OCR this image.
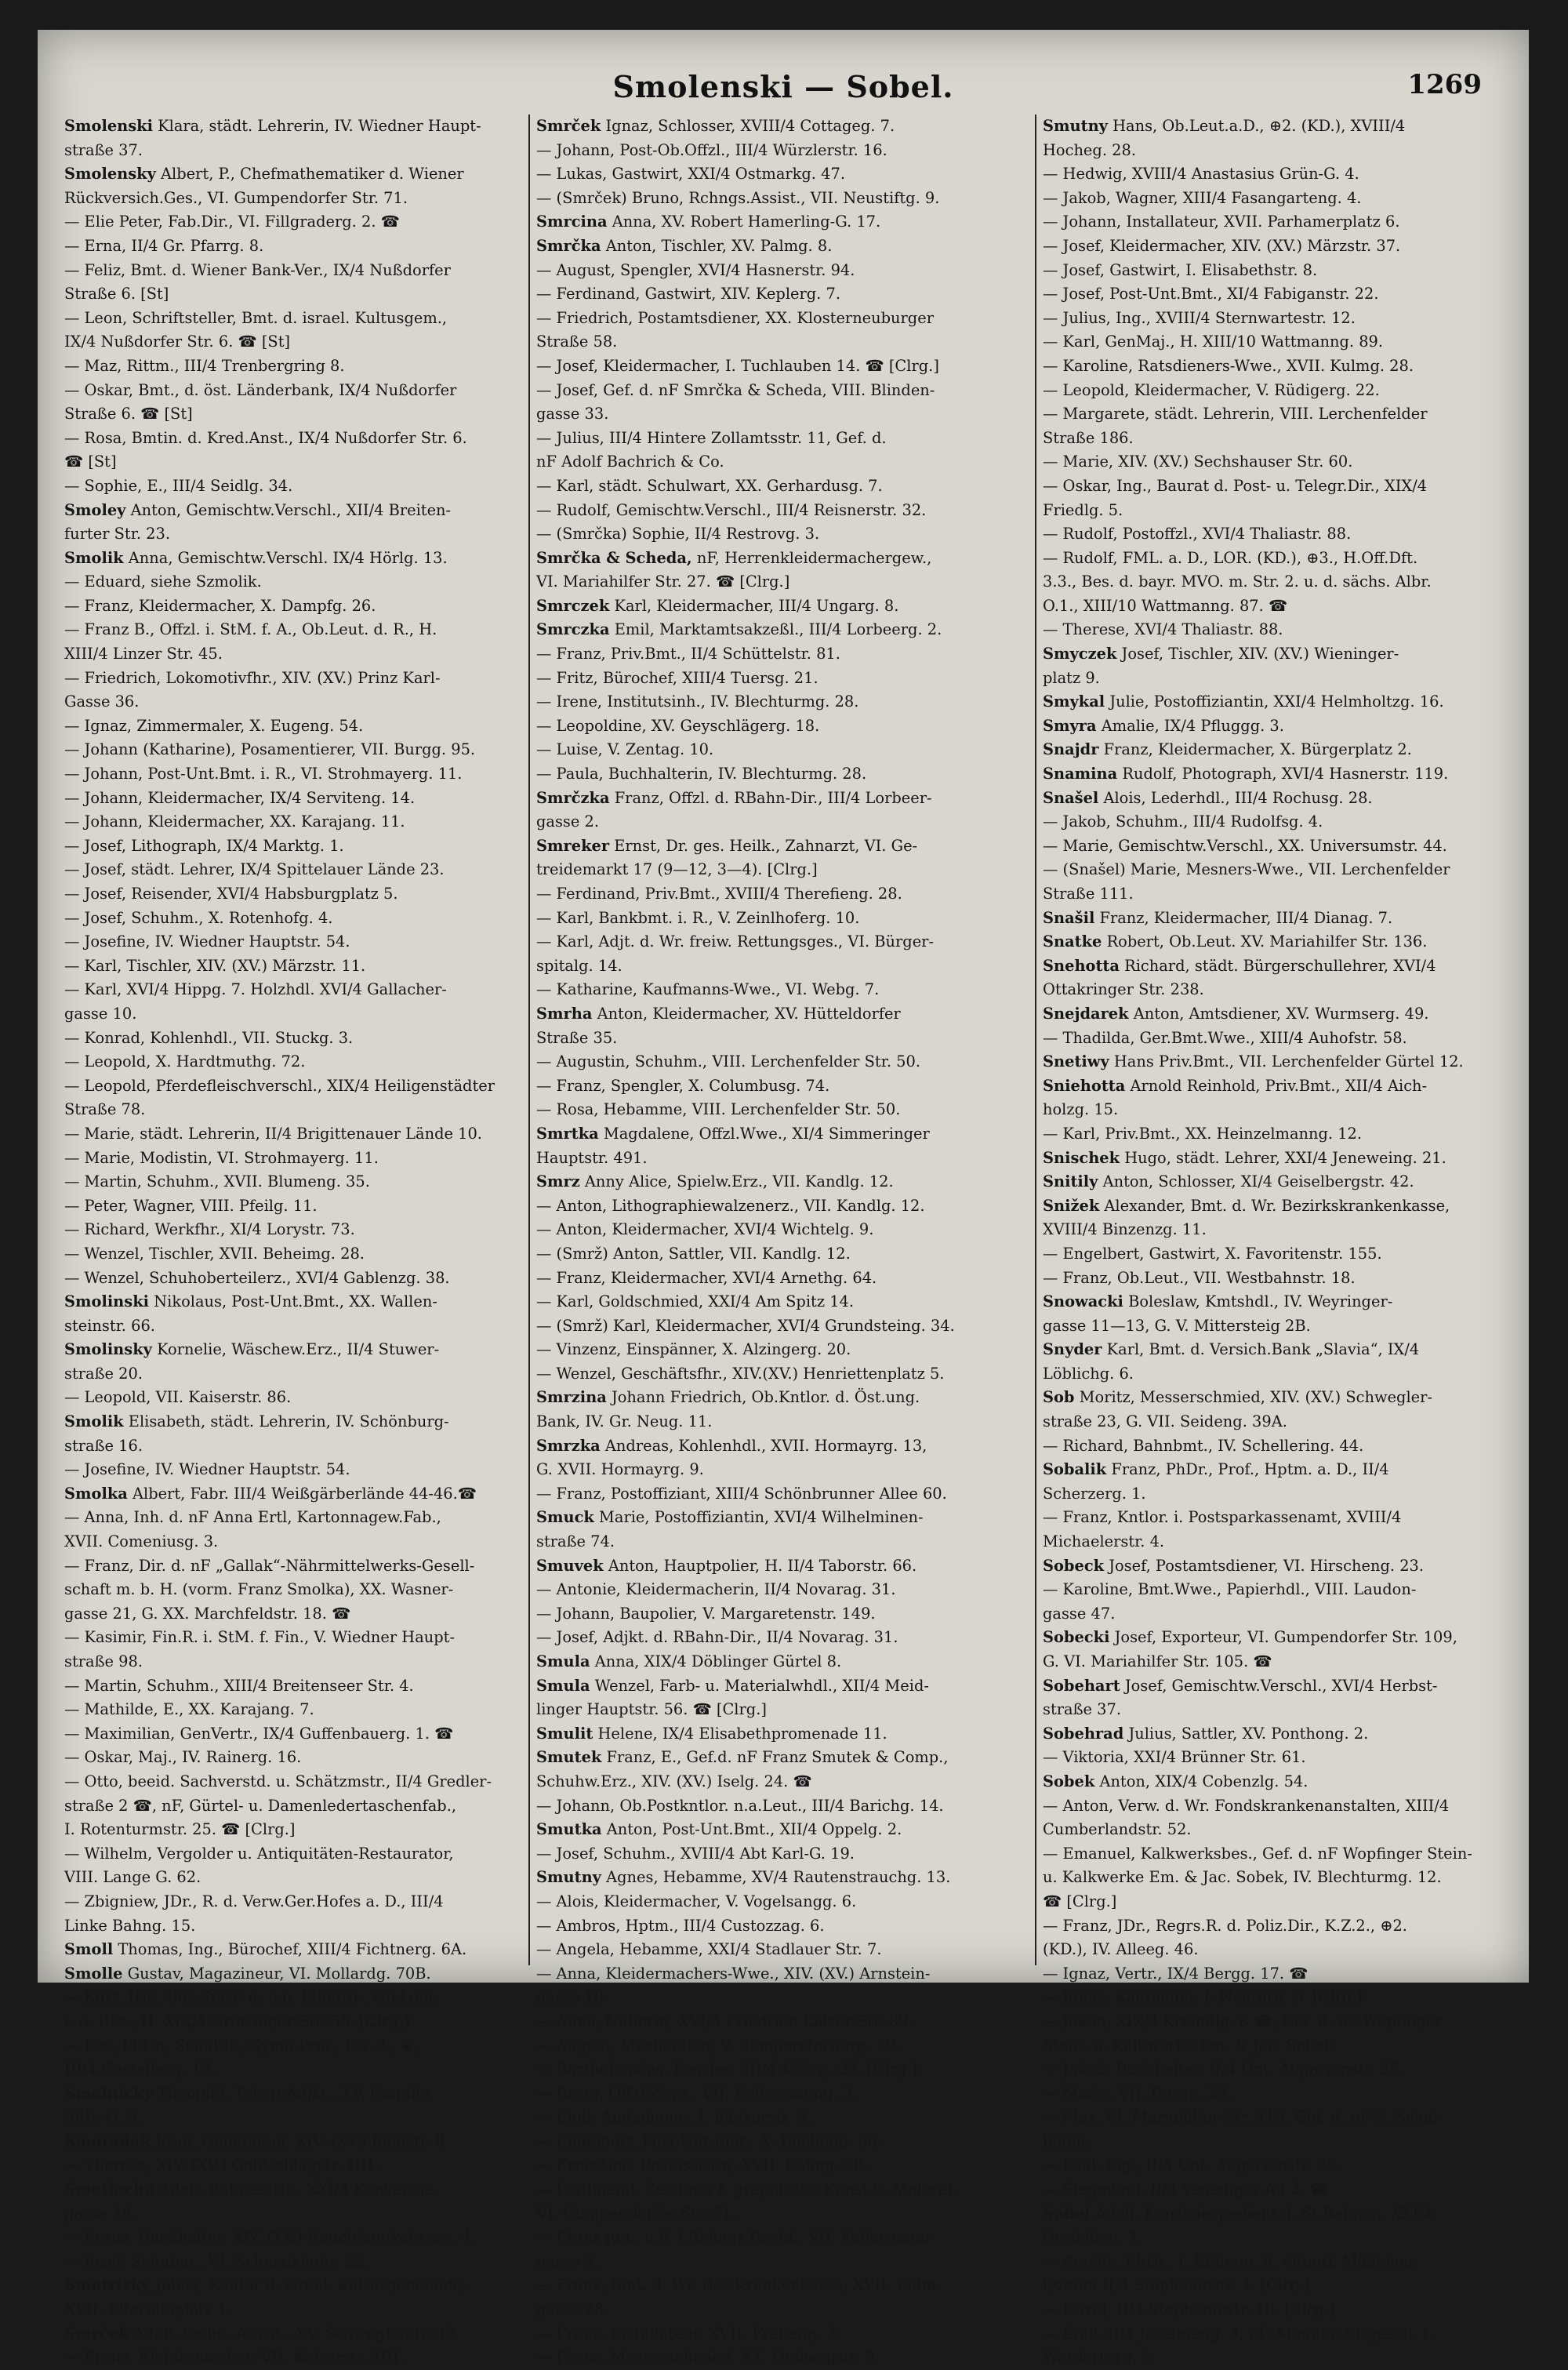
Smolenski — Sobel.	1269
Smolenski Klara, städt. Lehrerin, IV. Wiedner Haupt-
straße 37.
Smolensky Albert, P., Chefmathematiker d. Wiener
Rückversich.Ges., VI. Gumpendorfer Str. 71.
— Elie Peter, Fab.Dir., VI. Fillgraderg. 2. ☎
— Erna, II/4 Gr. Pfarrg. 8.
— Feliz, Bmt. d. Wiener Bank-Ver., IX/4 Nußdorfer
Straße 6. [St]
— Leon, Schriftsteller, Bmt. d. israel. Kultusgem.,
IX/4 Nußdorfer Str. 6. ☎ [St]
— Maz, Rittm., III/4 Trenbergring 8.
— Oskar, Bmt., d. öst. Länderbank, IX/4 Nußdorfer
Straße 6. ☎ [St]
— Rosa, Bmtin. d. Kred.Anst., IX/4 Nußdorfer Str. 6.
☎ [St]
— Sophie, E., III/4 Seidlg. 34.
Smoley Anton, Gemischtw.Verschl., XII/4 Breiten-
furter Str. 23.
Smolik Anna, Gemischtw.Verschl. IX/4 Hörlg. 13.
— Eduard, siehe Szmolik.
— Franz, Kleidermacher, X. Dampfg. 26.
— Franz B., Offzl. i. StM. f. A., Ob.Leut. d. R., H.
XIII/4 Linzer Str. 45.
— Friedrich, Lokomotivfhr., XIV. (XV.) Prinz Karl-
Gasse 36.
— Ignaz, Zimmermaler, X. Eugeng. 54.
— Johann (Katharine), Posamentierer, VII. Burgg. 95.
— Johann, Post-Unt.Bmt. i. R., VI. Strohmayerg. 11.
— Johann, Kleidermacher, IX/4 Serviteng. 14.
— Johann, Kleidermacher, XX. Karajang. 11.
— Josef, Lithograph, IX/4 Marktg. 1.
— Josef, städt. Lehrer, IX/4 Spittelauer Lände 23.
— Josef, Reisender, XVI/4 Habsburgplatz 5.
— Josef, Schuhm., X. Rotenhofg. 4.
— Josefine, IV. Wiedner Hauptstr. 54.
— Karl, Tischler, XIV. (XV.) Märzstr. 11.
— Karl, XVI/4 Hippg. 7. Holzhdl. XVI/4 Gallacher-
gasse 10.
— Konrad, Kohlenhdl., VII. Stuckg. 3.
— Leopold, X. Hardtmuthg. 72.
— Leopold, Pferdefleischverschl., XIX/4 Heiligenstädter
Straße 78.
— Marie, städt. Lehrerin, II/4 Brigittenauer Lände 10.
— Marie, Modistin, VI. Strohmayerg. 11.
— Martin, Schuhm., XVII. Blumeng. 35.
— Peter, Wagner, VIII. Pfeilg. 11.
— Richard, Werkfhr., XI/4 Lorystr. 73.
— Wenzel, Tischler, XVII. Beheimg. 28.
— Wenzel, Schuhoberteilerz., XVI/4 Gablenzg. 38.
Smolinski Nikolaus, Post-Unt.Bmt., XX. Wallen-
steinstr. 66.
Smolinsky Kornelie, Wäschew.Erz., II/4 Stuwer-
straße 20.
— Leopold, VII. Kaiserstr. 86.
Smolik Elisabeth, städt. Lehrerin, IV. Schönburg-
straße 16.
— Josefine, IV. Wiedner Hauptstr. 54.
Smolka Albert, Fabr. III/4 Weißgärberlände 44-46.☎
— Anna, Inh. d. nF Anna Ertl, Kartonnagew.Fab.,
XVII. Comeniusg. 3.
— Franz, Dir. d. nF „Gallak“-Nährmittelwerks-Gesell-
schaft m. b. H. (vorm. Franz Smolka), XX. Wasner-
gasse 21, G. XX. Marchfeldstr. 18. ☎
— Kasimir, Fin.R. i. StM. f. Fin., V. Wiedner Haupt-
straße 98.
— Martin, Schuhm., XIII/4 Breitenseer Str. 4.
— Mathilde, E., XX. Karajang. 7.
— Maximilian, GenVertr., IX/4 Guffenbauerg. 1. ☎
— Oskar, Maj., IV. Rainerg. 16.
— Otto, beeid. Sachverstd. u. Schätzmstr., II/4 Gredler-
straße 2 ☎, nF, Gürtel- u. Damenledertaschenfab.,
I. Rotenturmstr. 25. ☎ [Clrg.]
— Wilhelm, Vergolder u. Antiquitäten-Restaurator,
VIII. Lange G. 62.
— Zbigniew, JDr., R. d. Verw.Ger.Hofes a. D., III/4
Linke Bahng. 15.
Smoll Thomas, Ing., Bürochef, XIII/4 Fichtnerg. 6A.
Smolle Gustav, Magazineur, VI. Mollardg. 70B.
— Kurt, JDr., Bez.Kmsr. d. n.ö. LRegrg., Ob.Leut.
i. d. Res., H. XIX/4 Grinzinger Str. 55. [Clrg.]
— Leo, PhDr., Schul-R., Gymn.Prof., K.Z.2., ⊕,
III/4 Castellezg. 13.
Smolnicky Theophil, Telegr.Adjkt., XV. Camillo
Sitte-G. 9.
Smoradak Josef, Gelbgießer, XIV. (XV.) Johnstr. 8.
— Therese, XIV. (XV.) Goldschlagstr. 101.
Smotlacha Adolf, Bahnassist., XXI/4 Konkanzia-
gasse 18.
— Franz, Buchhalter, XIV. (XV.) Rauchfangkehrerg. 4.
— Josef, Schubm., VI. Schmalzhofg. 22.
Smotrizky Julius, Kantor d. israel. Kultusgemeinde,
XVII. Elterleinplatz 1.
Smrček Adolf, techn. Assist., XV. Schweglerstr. 37.
— Franz, Kleidermacher, VII. Kaiserstr. 101.
Smrček Ignaz, Schlosser, XVIII/4 Cottageg. 7.
— Johann, Post-Ob.Offzl., III/4 Würzlerstr. 16.
— Lukas, Gastwirt, XXI/4 Ostmarkg. 47.
— (Smrček) Bruno, Rchngs.Assist., VII. Neustiftg. 9.
Smrcina Anna, XV. Robert Hamerling-G. 17.
Smrčka Anton, Tischler, XV. Palmg. 8.
— August, Spengler, XVI/4 Hasnerstr. 94.
— Ferdinand, Gastwirt, XIV. Keplerg. 7.
— Friedrich, Postamtsdiener, XX. Klosterneuburger
Straße 58.
— Josef, Kleidermacher, I. Tuchlauben 14. ☎ [Clrg.]
— Josef, Gef. d. nF Smrčka & Scheda, VIII. Blinden-
gasse 33.
— Julius, III/4 Hintere Zollamtsstr. 11, Gef. d.
nF Adolf Bachrich & Co.
— Karl, städt. Schulwart, XX. Gerhardusg. 7.
— Rudolf, Gemischtw.Verschl., III/4 Reisnerstr. 32.
— (Smrčka) Sophie, II/4 Restrovg. 3.
Smrčka & Scheda, nF, Herrenkleidermachergew.,
VI. Mariahilfer Str. 27. ☎ [Clrg.]
Smrczek Karl, Kleidermacher, III/4 Ungarg. 8.
Smrczka Emil, Marktamtsakzeßl., III/4 Lorbeerg. 2.
— Franz, Priv.Bmt., II/4 Schüttelstr. 81.
— Fritz, Bürochef, XIII/4 Tuersg. 21.
— Irene, Institutsinh., IV. Blechturmg. 28.
— Leopoldine, XV. Geyschlägerg. 18.
— Luise, V. Zentag. 10.
— Paula, Buchhalterin, IV. Blechturmg. 28.
Smrčzka Franz, Offzl. d. RBahn-Dir., III/4 Lorbeer-
gasse 2.
Smreker Ernst, Dr. ges. Heilk., Zahnarzt, VI. Ge-
treidemarkt 17 (9—12, 3—4). [Clrg.]
— Ferdinand, Priv.Bmt., XVIII/4 Therefieng. 28.
— Karl, Bankbmt. i. R., V. Zeinlhoferg. 10.
— Karl, Adjt. d. Wr. freiw. Rettungsges., VI. Bürger-
spitalg. 14.
— Katharine, Kaufmanns-Wwe., VI. Webg. 7.
Smrha Anton, Kleidermacher, XV. Hütteldorfer
Straße 35.
— Augustin, Schuhm., VIII. Lerchenfelder Str. 50.
— Franz, Spengler, X. Columbusg. 74.
— Rosa, Hebamme, VIII. Lerchenfelder Str. 50.
Smrtka Magdalene, Offzl.Wwe., XI/4 Simmeringer
Hauptstr. 491.
Smrz Anny Alice, Spielw.Erz., VII. Kandlg. 12.
— Anton, Lithographiewalzenerz., VII. Kandlg. 12.
— Anton, Kleidermacher, XVI/4 Wichtelg. 9.
— (Smrž) Anton, Sattler, VII. Kandlg. 12.
— Franz, Kleidermacher, XVI/4 Arnethg. 64.
— Karl, Goldschmied, XXI/4 Am Spitz 14.
— (Smrž) Karl, Kleidermacher, XVI/4 Grundsteing. 34.
— Vinzenz, Einspänner, X. Alzingerg. 20.
— Wenzel, Geschäftsfhr., XIV.(XV.) Henriettenplatz 5.
Smrzina Johann Friedrich, Ob.Kntlor. d. Öst.ung.
Bank, IV. Gr. Neug. 11.
Smrzka Andreas, Kohlenhdl., XVII. Hormayrg. 13,
G. XVII. Hormayrg. 9.
— Franz, Postoffiziant, XIII/4 Schönbrunner Allee 60.
Smuck Marie, Postoffiziantin, XVI/4 Wilhelminen-
straße 74.
Smuvek Anton, Hauptpolier, H. II/4 Taborstr. 66.
— Antonie, Kleidermacherin, II/4 Novarag. 31.
— Johann, Baupolier, V. Margaretenstr. 149.
— Josef, Adjkt. d. RBahn-Dir., II/4 Novarag. 31.
Smula Anna, XIX/4 Döblinger Gürtel 8.
Smula Wenzel, Farb- u. Materialwhdl., XII/4 Meid-
linger Hauptstr. 56. ☎ [Clrg.]
Smulit Helene, IX/4 Elisabethpromenade 11.
Smutek Franz, E., Gef.d. nF Franz Smutek & Comp.,
Schuhw.Erz., XIV. (XV.) Iselg. 24. ☎
— Johann, Ob.Postkntlor. n.a.Leut., III/4 Barichg. 14.
Smutka Anton, Post-Unt.Bmt., XII/4 Oppelg. 2.
— Josef, Schuhm., XVIII/4 Abt Karl-G. 19.
Smutny Agnes, Hebamme, XV/4 Rautenstrauchg. 13.
— Alois, Kleidermacher, V. Vogelsangg. 6.
— Ambros, Hptm., III/4 Custozzag. 6.
— Angela, Hebamme, XXI/4 Stadlauer Str. 7.
— Anna, Kleidermachers-Wwe., XIV. (XV.) Arnstein-
gasse 18.
— Anna, Näherin, XVI/4 Friedrich Kaiser-Str. 89.
— August, Mechaniker, V. Ramperstorfferg. 29.
— Bartholomäus, Kassier, XII/4 Kährg. 22. [Clrg.]
— Berta, Offzl.Wwe., VII. Kellermanng. 3.
— Emil, Amtsdiener, I. Bäckerstr. 3.
— Engelbert, Post-Unt.Bmt., X. Bucheng. 60.
— Ernestine, Postassistin, XVII. Kulmg. 28.
— Ferdinand, Zeichner f. graphische Kunst u. Malerei,
VI. Gumpendorfer Str. 51.
— Franz jun., n.ö. LRchngs.Revid., VII. Kellermann-
gasse 3.
— Franz, Bmt. d. Wr. Bez.Krankenkasse, XVII. Kulm-
gasse 28.
— Franz, Installateur, XVII. Frauenq. 3.
— Franz, Messerschmied, XX. Hellwagstr. 3.
Smutny Hans, Ob.Leut.a.D., ⊕2. (KD.), XVIII/4
Hocheg. 28.
— Hedwig, XVIII/4 Anastasius Grün-G. 4.
— Jakob, Wagner, XIII/4 Fasangarteng. 4.
— Johann, Installateur, XVII. Parhamerplatz 6.
— Josef, Kleidermacher, XIV. (XV.) Märzstr. 37.
— Josef, Gastwirt, I. Elisabethstr. 8.
— Josef, Post-Unt.Bmt., XI/4 Fabiganstr. 22.
— Julius, Ing., XVIII/4 Sternwartestr. 12.
— Karl, GenMaj., H. XIII/10 Wattmanng. 89.
— Karoline, Ratsdieners-Wwe., XVII. Kulmg. 28.
— Leopold, Kleidermacher, V. Rüdigerg. 22.
— Margarete, städt. Lehrerin, VIII. Lerchenfelder
Straße 186.
— Marie, XIV. (XV.) Sechshauser Str. 60.
— Oskar, Ing., Baurat d. Post- u. Telegr.Dir., XIX/4
Friedlg. 5.
— Rudolf, Postoffzl., XVI/4 Thaliastr. 88.
— Rudolf, FML. a. D., LOR. (KD.), ⊕3., H.Off.Dft.
3.3., Bes. d. bayr. MVO. m. Str. 2. u. d. sächs. Albr.
O.1., XIII/10 Wattmanng. 87. ☎
— Therese, XVI/4 Thaliastr. 88.
Smyczek Josef, Tischler, XIV. (XV.) Wieninger-
platz 9.
Smykal Julie, Postoffiziantin, XXI/4 Helmholtzg. 16.
Smyra Amalie, IX/4 Pfluggg. 3.
Snajdr Franz, Kleidermacher, X. Bürgerplatz 2.
Snamina Rudolf, Photograph, XVI/4 Hasnerstr. 119.
Snašel Alois, Lederhdl., III/4 Rochusg. 28.
— Jakob, Schuhm., III/4 Rudolfsg. 4.
— Marie, Gemischtw.Verschl., XX. Universumstr. 44.
— (Snašel) Marie, Mesners-Wwe., VII. Lerchenfelder
Straße 111.
Snašil Franz, Kleidermacher, III/4 Dianag. 7.
Snatke Robert, Ob.Leut. XV. Mariahilfer Str. 136.
Snehotta Richard, städt. Bürgerschullehrer, XVI/4
Ottakringer Str. 238.
Snejdarek Anton, Amtsdiener, XV. Wurmserg. 49.
— Thadilda, Ger.Bmt.Wwe., XIII/4 Auhofstr. 58.
Snetiwy Hans Priv.Bmt., VII. Lerchenfelder Gürtel 12.
Sniehotta Arnold Reinhold, Priv.Bmt., XII/4 Aich-
holzg. 15.
— Karl, Priv.Bmt., XX. Heinzelmanng. 12.
Snischek Hugo, städt. Lehrer, XXI/4 Jeneweing. 21.
Snitily Anton, Schlosser, XI/4 Geiselbergstr. 42.
Snižek Alexander, Bmt. d. Wr. Bezirkskrankenkasse,
XVIII/4 Binzenzg. 11.
— Engelbert, Gastwirt, X. Favoritenstr. 155.
— Franz, Ob.Leut., VII. Westbahnstr. 18.
Snowacki Boleslaw, Kmtshdl., IV. Weyringer-
gasse 11—13, G. V. Mittersteig 2B.
Snyder Karl, Bmt. d. Versich.Bank „Slavia“, IX/4
Löblichg. 6.
Sob Moritz, Messerschmied, XIV. (XV.) Schwegler-
straße 23, G. VII. Seideng. 39A.
— Richard, Bahnbmt., IV. Schellering. 44.
Sobalik Franz, PhDr., Prof., Hptm. a. D., II/4
Scherzerg. 1.
— Franz, Kntlor. i. Postsparkassenamt, XVIII/4
Michaelerstr. 4.
Sobeck Josef, Postamtsdiener, VI. Hirscheng. 23.
— Karoline, Bmt.Wwe., Papierhdl., VIII. Laudon-
gasse 47.
Sobecki Josef, Exporteur, VI. Gumpendorfer Str. 109,
G. VI. Mariahilfer Str. 105. ☎
Sobehart Josef, Gemischtw.Verschl., XVI/4 Herbst-
straße 37.
Sobehrad Julius, Sattler, XV. Ponthong. 2.
— Viktoria, XXI/4 Brünner Str. 61.
Sobek Anton, XIX/4 Cobenzlg. 54.
— Anton, Verw. d. Wr. Fondskrankenanstalten, XIII/4
Cumberlandstr. 52.
— Emanuel, Kalkwerksbes., Gef. d. nF Wopfinger Stein-
u. Kalkwerke Em. & Jac. Sobek, IV. Blechturmg. 12.
☎ [Clrg.]
— Franz, JDr., Regrs.R. d. Poliz.Dir., K.Z.2., ⊕2.
(KD.), IV. Alleeg. 46.
— Ignaz, Vertr., IX/4 Bergg. 17. ☎
— Ignaz, Kaufmann, I. Neutorg. 5. [Clrg.]
— Jakob, XIX/4 Kreindlg. 8 ☎, Gef. d. nF Wopfinger
Stein- u. Kalkwerke Em. & Jac. Sobek.
— Jakob, Buchhalter, II/4 Unt. Augartenstr. 25.
— Marie, VII. Burgg. 22.
— Max, VI. Mariahilfer Str. 115, Gef. d. nF S. Schul-
baum.
— Paul, Ing., II/4 Unt. Augartenstr. 25.
— Siegmund, II/4 Venediger Au 2. ☎
Sobel Adolf, Kanzleiexpedient d. St.Bahnen, XXI/4
Gerichtsg. 7.
— Amélie, PhDr., I. Eßlingg. 8. öffentl. Mädchen-
lyzeum II/4 Stephaniestr. 4. [Clrg.]
— David, II/4 Stephaniestr. 10. [Clrg.]
— Emil, II/4 Josefineng. 4, nF, Manufakturgesch. I.
Werdertorg. 4.
